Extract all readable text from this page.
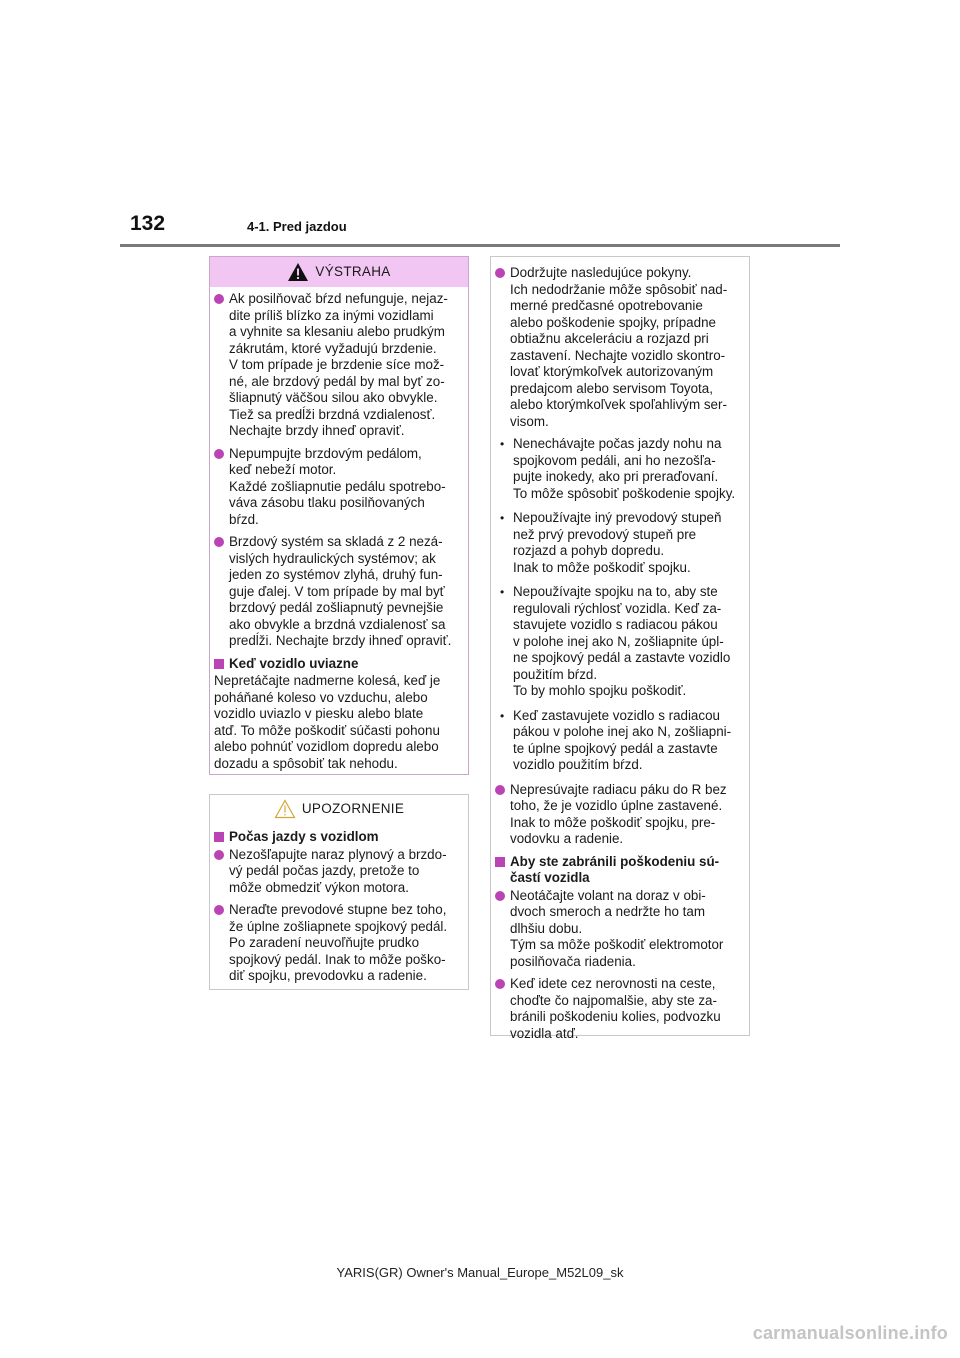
132	4-1. Pred jazdou
VÝSTRAHA
Ak posilňovač bŕzd nefunguje, nejaz-
dite príliš blízko za inými vozidlami
a vyhnite sa klesaniu alebo prudkým
zákrutám, ktoré vyžadujú brzdenie.
V tom prípade je brzdenie síce mož-
né, ale brzdový pedál by mal byť zo-
šliapnutý väčšou silou ako obvykle.
Tiež sa predĺži brzdná vzdialenosť.
Nechajte brzdy ihneď opraviť.
Nepumpujte brzdovým pedálom,
keď nebeží motor.
Každé zošliapnutie pedálu spotrebo-
váva zásobu tlaku posilňovaných
bŕzd.
Brzdový systém sa skladá z 2 nezá-
vislých hydraulických systémov; ak
jeden zo systémov zlyhá, druhý fun-
guje ďalej. V tom prípade by mal byť
brzdový pedál zošliapnutý pevnejšie
ako obvykle a brzdná vzdialenosť sa
predĺži. Nechajte brzdy ihneď opraviť.
Keď vozidlo uviazne
Nepretáčajte nadmerne kolesá, keď je
poháňané koleso vo vzduchu, alebo
vozidlo uviazlo v piesku alebo blate
atď. To môže poškodiť súčasti pohonu
alebo pohnúť vozidlom dopredu alebo
dozadu a spôsobiť tak nehodu.
UPOZORNENIE
Počas jazdy s vozidlom
Nezošľapujte naraz plynový a brzdo-
vý pedál počas jazdy, pretože to
môže obmedziť výkon motora.
Neraďte prevodové stupne bez toho,
že úplne zošliapnete spojkový pedál.
Po zaradení neuvoľňujte prudko
spojkový pedál. Inak to môže poško-
diť spojku, prevodovku a radenie.
Dodržujte nasledujúce pokyny.
Ich nedodržanie môže spôsobiť nad-
merné predčasné opotrebovanie
alebo poškodenie spojky, prípadne
obtiažnu akceleráciu a rozjazd pri
zastavení. Nechajte vozidlo skontro-
lovať ktorýmkoľvek autorizovaným
predajcom alebo servisom Toyota,
alebo ktorýmkoľvek spoľahlivým ser-
visom.
• Nenechávajte počas jazdy nohu na
spojkovom pedáli, ani ho nezošľa-
pujte inokedy, ako pri preraďovaní.
To môže spôsobiť poškodenie spojky.
• Nepoužívajte iný prevodový stupeň
než prvý prevodový stupeň pre
rozjazd a pohyb dopredu.
Inak to môže poškodiť spojku.
• Nepoužívajte spojku na to, aby ste
regulovali rýchlosť vozidla. Keď za-
stavujete vozidlo s radiacou pákou
v polohe inej ako N, zošliapnite úpl-
ne spojkový pedál a zastavte vozidlo
použitím bŕzd.
To by mohlo spojku poškodiť.
• Keď zastavujete vozidlo s radiacou
pákou v polohe inej ako N, zošliapni-
te úplne spojkový pedál a zastavte
vozidlo použitím bŕzd.
Nepresúvajte radiacu páku do R bez
toho, že je vozidlo úplne zastavené.
Inak to môže poškodiť spojku, pre-
vodovku a radenie.
Aby ste zabránili poškodeniu sú-
častí vozidla
Neotáčajte volant na doraz v obi-
dvoch smeroch a nedržte ho tam
dlhšiu dobu.
Tým sa môže poškodiť elektromotor
posilňovača riadenia.
Keď idete cez nerovnosti na ceste,
choďte čo najpomalšie, aby ste za-
bránili poškodeniu kolies, podvozku
vozidla atď.
YARIS(GR) Owner's Manual_Europe_M52L09_sk
carmanualsonline.info
